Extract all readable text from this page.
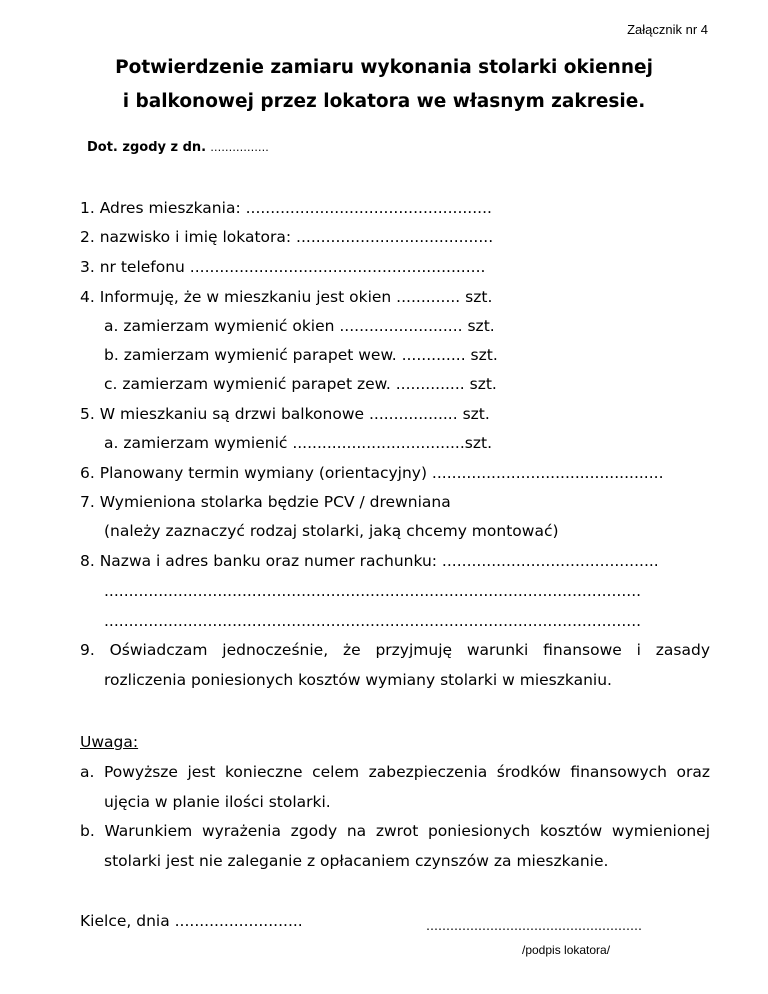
Załącznik nr 4
Potwierdzenie zamiaru wykonania stolarki okiennej
i balkonowej przez lokatora we własnym zakresie.
Dot. zgody z dn. …………….
1. Adres mieszkania: ..................................................
2. nazwisko i imię lokatora: ........................................
3. nr telefonu ............................................................
4. Informuję, że w mieszkaniu jest okien ............. szt.
a. zamierzam wymienić okien ......................... szt.
b. zamierzam wymienić parapet wew. ............. szt.
c. zamierzam wymienić parapet zew. .............. szt.
5. W mieszkaniu są drzwi balkonowe .................. szt.
a. zamierzam wymienić ...................................szt.
6. Planowany termin wymiany (orientacyjny) ...............................................
7. Wymieniona stolarka będzie PCV / drewniana
(należy zaznaczyć rodzaj stolarki, jaką chcemy montować)
8. Nazwa i adres banku oraz numer rachunku: ............................................
.............................................................................................................
.............................................................................................................
9. Oświadczam jednocześnie, że przyjmuję warunki finansowe i zasady
rozliczenia poniesionych kosztów wymiany stolarki w mieszkaniu.
Uwaga:
a. Powyższe jest konieczne celem zabezpieczenia środków finansowych oraz
ujęcia w planie ilości stolarki.
b. Warunkiem wyrażenia zgody na zwrot poniesionych kosztów wymienionej
stolarki jest nie zaleganie z opłacaniem czynszów za mieszkanie.
Kielce, dnia ..........................	………………………………………………
/podpis lokatora/
